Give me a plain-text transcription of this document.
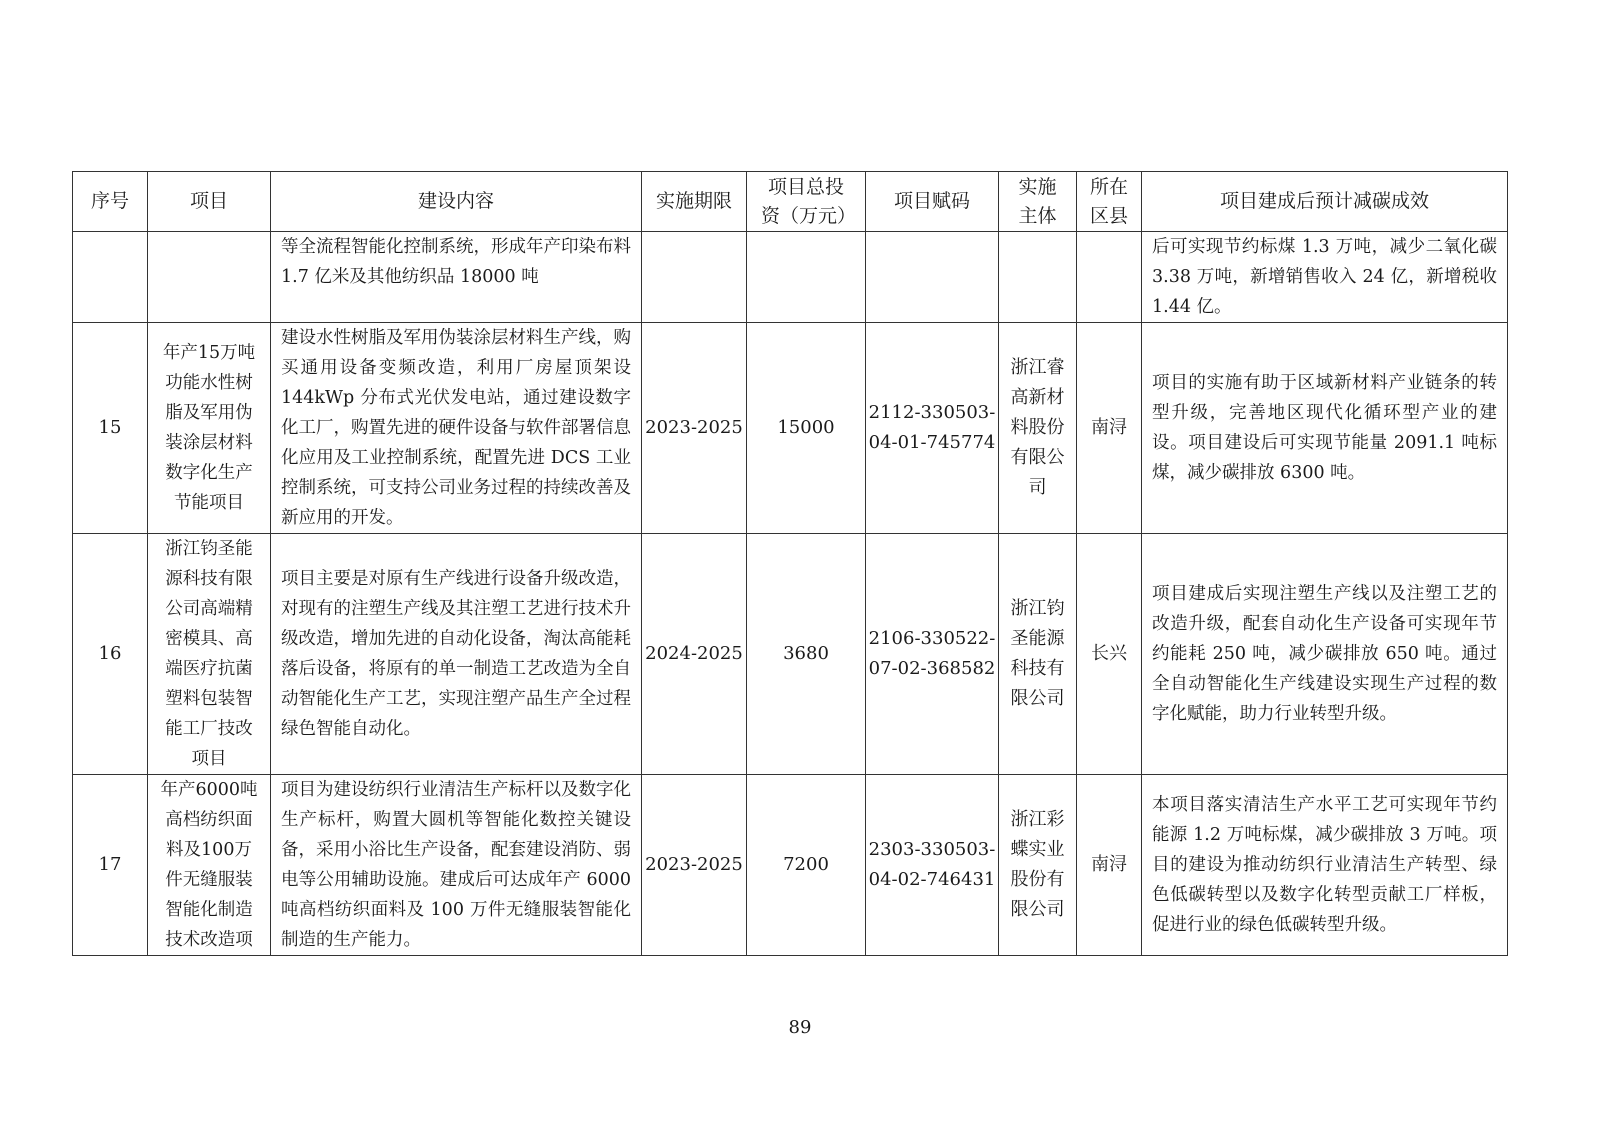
序号	项目	建设内容	实施期限	项目总投资（万元）	项目赋码	实施主体	所在区县	项目建成后预计减碳成效
		等全流程智能化控制系统，形成年产印染布料 1.7 亿米及其他纺织品 18000 吨						后可实现节约标煤 1.3 万吨，减少二氧化碳 3.38 万吨，新增销售收入 24 亿，新增税收 1.44 亿。
15	年产15万吨功能水性树脂及军用伪装涂层材料数字化生产节能项目	建设水性树脂及军用伪装涂层材料生产线，购买通用设备变频改造，利用厂房屋顶架设 144kWp 分布式光伏发电站，通过建设数字化工厂，购置先进的硬件设备与软件部署信息化应用及工业控制系统，配置先进 DCS 工业控制系统，可支持公司业务过程的持续改善及新应用的开发。	2023-2025	15000	2112-330503-04-01-745774	浙江睿高新材料股份有限公司	南浔	项目的实施有助于区域新材料产业链条的转型升级，完善地区现代化循环型产业的建设。项目建设后可实现节能量 2091.1 吨标煤，减少碳排放 6300 吨。
16	浙江钧圣能源科技有限公司高端精密模具、高端医疗抗菌塑料包装智能工厂技改项目	项目主要是对原有生产线进行设备升级改造，对现有的注塑生产线及其注塑工艺进行技术升级改造，增加先进的自动化设备，淘汰高能耗落后设备，将原有的单一制造工艺改造为全自动智能化生产工艺，实现注塑产品生产全过程绿色智能自动化。	2024-2025	3680	2106-330522-07-02-368582	浙江钧圣能源科技有限公司	长兴	项目建成后实现注塑生产线以及注塑工艺的改造升级，配套自动化生产设备可实现年节约能耗 250 吨，减少碳排放 650 吨。通过全自动智能化生产线建设实现生产过程的数字化赋能，助力行业转型升级。
17	年产6000吨高档纺织面料及100万件无缝服装智能化制造技术改造项	项目为建设纺织行业清洁生产标杆以及数字化生产标杆，购置大圆机等智能化数控关键设备，采用小浴比生产设备，配套建设消防、弱电等公用辅助设施。建成后可达成年产 6000 吨高档纺织面料及 100 万件无缝服装智能化制造的生产能力。	2023-2025	7200	2303-330503-04-02-746431	浙江彩蝶实业股份有限公司	南浔	本项目落实清洁生产水平工艺可实现年节约能源 1.2 万吨标煤，减少碳排放 3 万吨。项目的建设为推动纺织行业清洁生产转型、绿色低碳转型以及数字化转型贡献工厂样板，促进行业的绿色低碳转型升级。
89
